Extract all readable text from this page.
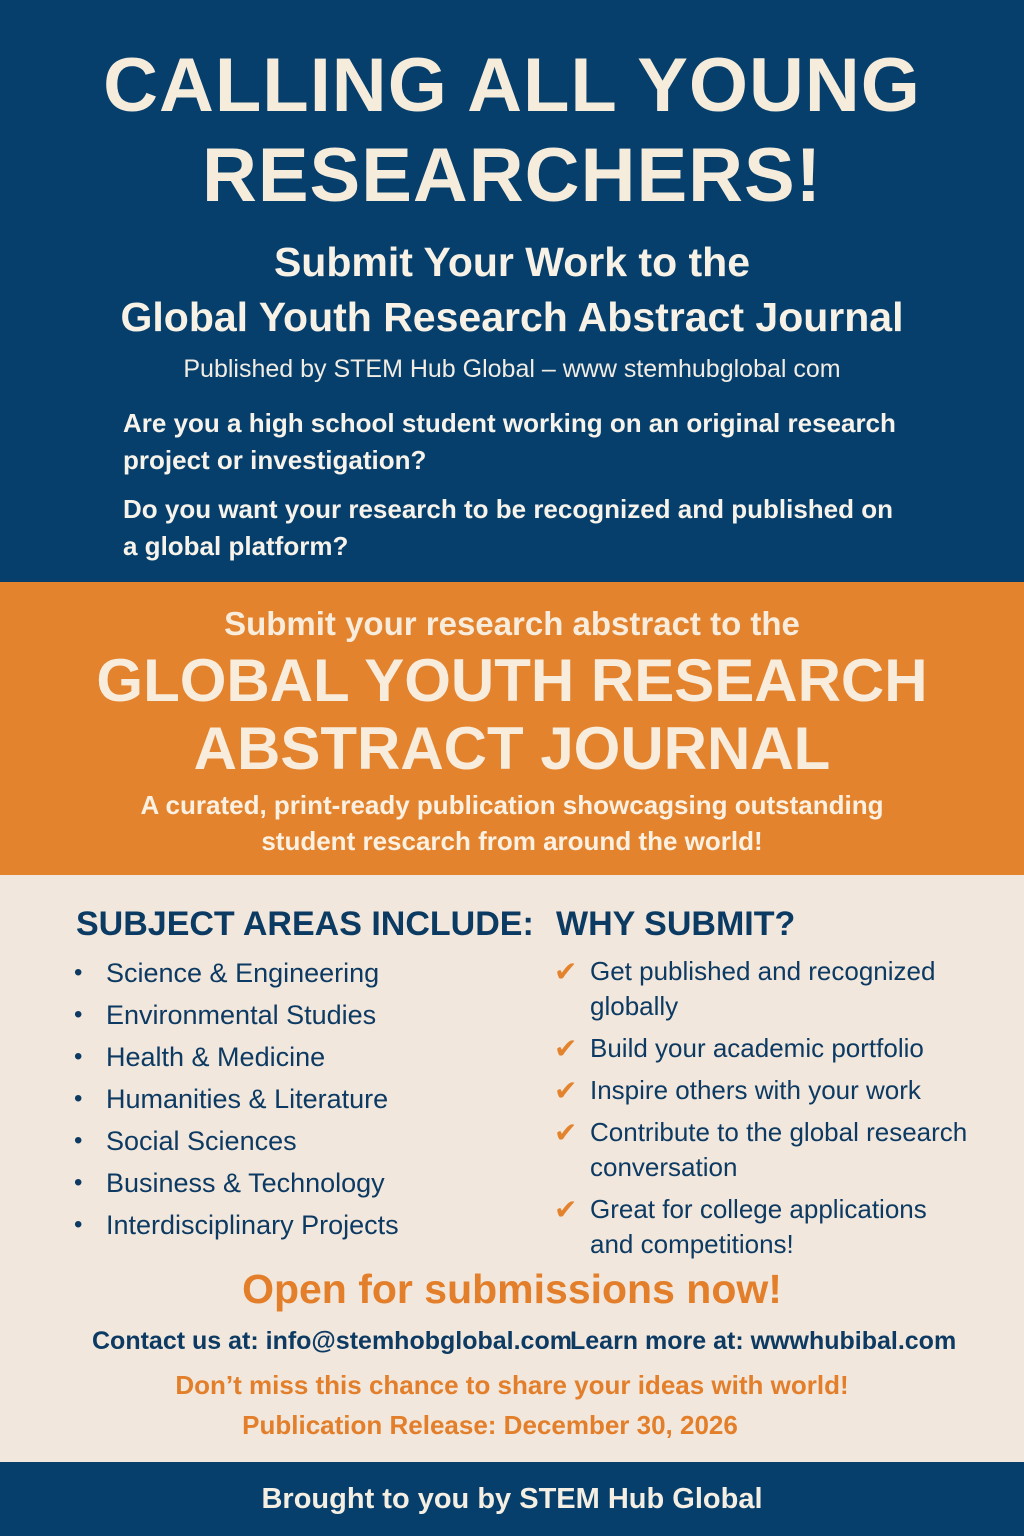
CALLING ALL YOUNG
RESEARCHERS!
Submit Your Work to the
Global Youth Research Abstract Journal
Published by STEM Hub Global – www stemhubglobal com
Are you a high school student working on an original research project or investigation?
Do you want your research to be recognized and published on a global platform?
Submit your research abstract to the
GLOBAL YOUTH RESEARCH
ABSTRACT JOURNAL
A curated, print-ready publication showcagsing outstanding
student rescarch from around the world!
SUBJECT AREAS INCLUDE:
• Science & Engineering
• Environmental Studies
• Health & Medicine
• Humanities & Literature
• Social Sciences
• Business & Technology
• Interdisciplinary Projects
WHY SUBMIT?
✔ Get published and recognized globally
✔ Build your academic portfolio
✔ Inspire others with your work
✔ Contribute to the global research conversation
✔ Great for college applications and competitions!
Open for submissions now!
Contact us at: info@stemhobglobal.com
Learn more at: wwwhubibal.com
Don’t miss this chance to share your ideas with world!
Publication Release: December 30, 2026
Brought to you by STEM Hub Global
